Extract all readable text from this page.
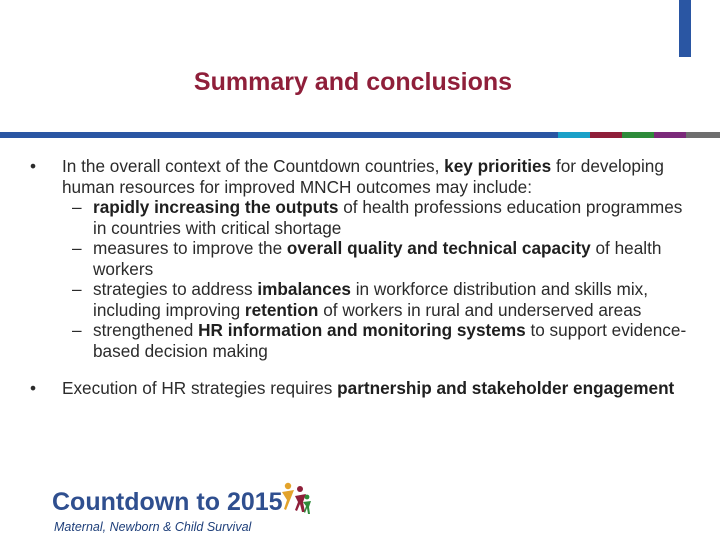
Summary and conclusions
• In the overall context of the Countdown countries, key priorities for developing human resources for improved MNCH outcomes may include:
– rapidly increasing the outputs of health professions education programmes in countries with critical shortage
– measures to improve the overall quality and technical capacity of health workers
– strategies to address imbalances in workforce distribution and skills mix, including improving retention of workers in rural and underserved areas
– strengthened HR information and monitoring systems to support evidence-based decision making
• Execution of HR strategies requires partnership and stakeholder engagement
Countdown to 2015
Maternal, Newborn & Child Survival
